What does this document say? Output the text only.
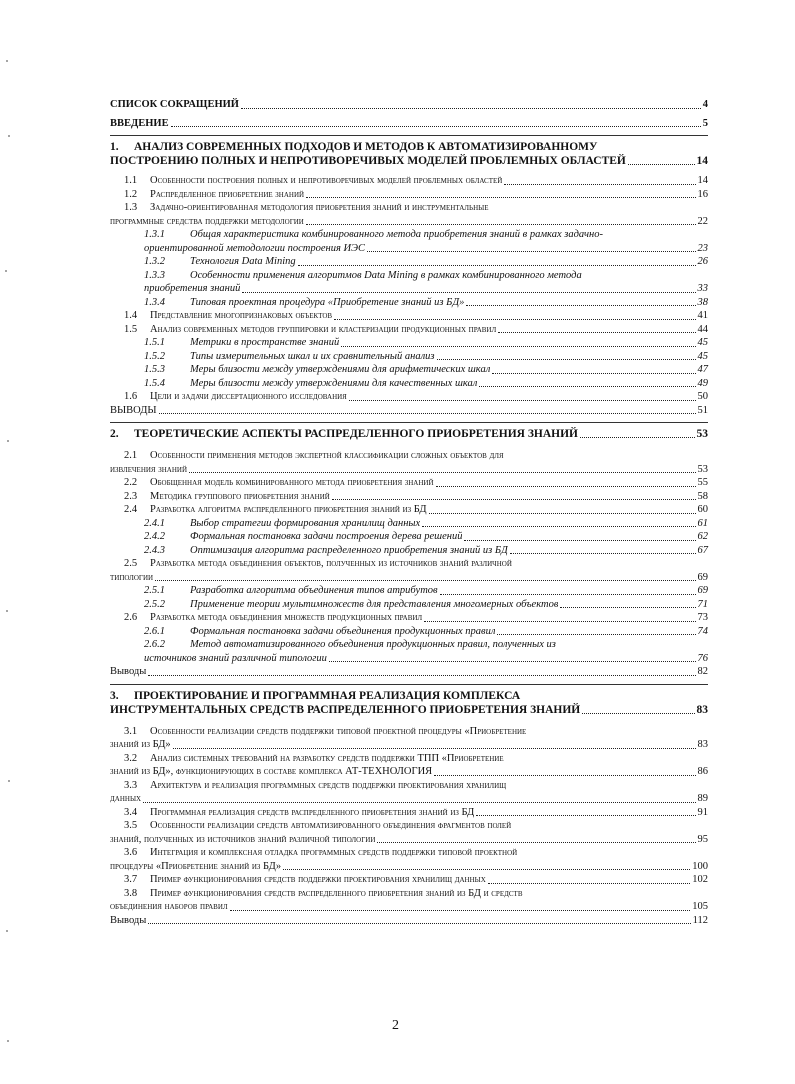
СПИСОК СОКРАЩЕНИЙ	4
ВВЕДЕНИЕ	5
1. АНАЛИЗ СОВРЕМЕННЫХ ПОДХОДОВ И МЕТОДОВ К АВТОМАТИЗИРОВАННОМУ
ПОСТРОЕНИЮ ПОЛНЫХ И НЕПРОТИВОРЕЧИВЫХ МОДЕЛЕЙ ПРОБЛЕМНЫХ ОБЛАСТЕЙ	14
1.1	Особенности построения полных и непротиворечивых моделей проблемных областей	14
1.2	Распределенное приобретение знаний	16
1.3	Задачно-ориентированная методология приобретения знаний и инструментальные
программные средства поддержки методологии	22
1.3.1	Общая характеристика комбинированного метода приобретения знаний в рамках задачно-
ориентированной методологии построения ИЭС	23
1.3.2	Технология Data Mining	26
1.3.3	Особенности применения алгоритмов Data Mining в рамках комбинированного метода
приобретения знаний	33
1.3.4	Типовая проектная процедура «Приобретение знаний из БД»	38
1.4	Представление многопризнаковых объектов	41
1.5	Анализ современных методов группировки и кластеризации продукционных правил	44
1.5.1	Метрики в пространстве знаний	45
1.5.2	Типы измерительных шкал и их сравнительный анализ	45
1.5.3	Меры близости между утверждениями для арифметических шкал	47
1.5.4	Меры близости между утверждениями для качественных шкал	49
1.6	Цели и задачи диссертационного исследования	50
ВЫВОДЫ	51
2.	ТЕОРЕТИЧЕСКИЕ АСПЕКТЫ РАСПРЕДЕЛЕННОГО ПРИОБРЕТЕНИЯ ЗНАНИЙ	53
2.1	Особенности применения методов экспертной классификации сложных объектов для
извлечения знаний	53
2.2	Обобщенная модель комбинированного метода приобретения знаний	55
2.3	Методика группового приобретения знаний	58
2.4	Разработка алгоритма распределенного приобретения знаний из БД	60
2.4.1	Выбор стратегии формирования хранилищ данных	61
2.4.2	Формальная постановка задачи построения дерева решений	62
2.4.3	Оптимизация алгоритма распределенного приобретения знаний из БД	67
2.5	Разработка метода объединения объектов, полученных из источников знаний различной
типологии	69
2.5.1	Разработка алгоритма объединения типов атрибутов	69
2.5.2	Применение теории мультимножеств для представления многомерных объектов	71
2.6	Разработка метода объединения множеств продукционных правил	73
2.6.1	Формальная постановка задачи объединения продукционных правил	74
2.6.2	Метод автоматизированного объединения продукционных правил, полученных из
источников знаний различной типологии	76
Выводы	82
3. ПРОЕКТИРОВАНИЕ И ПРОГРАММНАЯ РЕАЛИЗАЦИЯ КОМПЛЕКСА
ИНСТРУМЕНТАЛЬНЫХ СРЕДСТВ РАСПРЕДЕЛЕННОГО ПРИОБРЕТЕНИЯ ЗНАНИЙ	83
3.1	Особенности реализации средств поддержки типовой проектной процедуры «Приобретение
знаний из БД»	83
3.2	Анализ системных требований на разработку средств поддержки ТПП «Приобретение
знаний из БД», функционирующих в составе комплекса АТ-ТЕХНОЛОГИЯ	86
3.3	Архитектура и реализация программных средств поддержки проектирования хранилищ
данных	89
3.4	Программная реализация средств распределенного приобретения знаний из БД	91
3.5	Особенности реализации средств автоматизированного объединения фрагментов полей
знаний, полученных из источников знаний различной типологии	95
3.6	Интеграция и комплексная отладка программных средств поддержки типовой проектной
процедуры «Приобретение знаний из БД»	100
3.7	Пример функционирования средств поддержки проектирования хранилищ данных	102
3.8	Пример функционирования средств распределенного приобретения знаний из БД и средств
объединения наборов правил	105
Выводы	112
2
